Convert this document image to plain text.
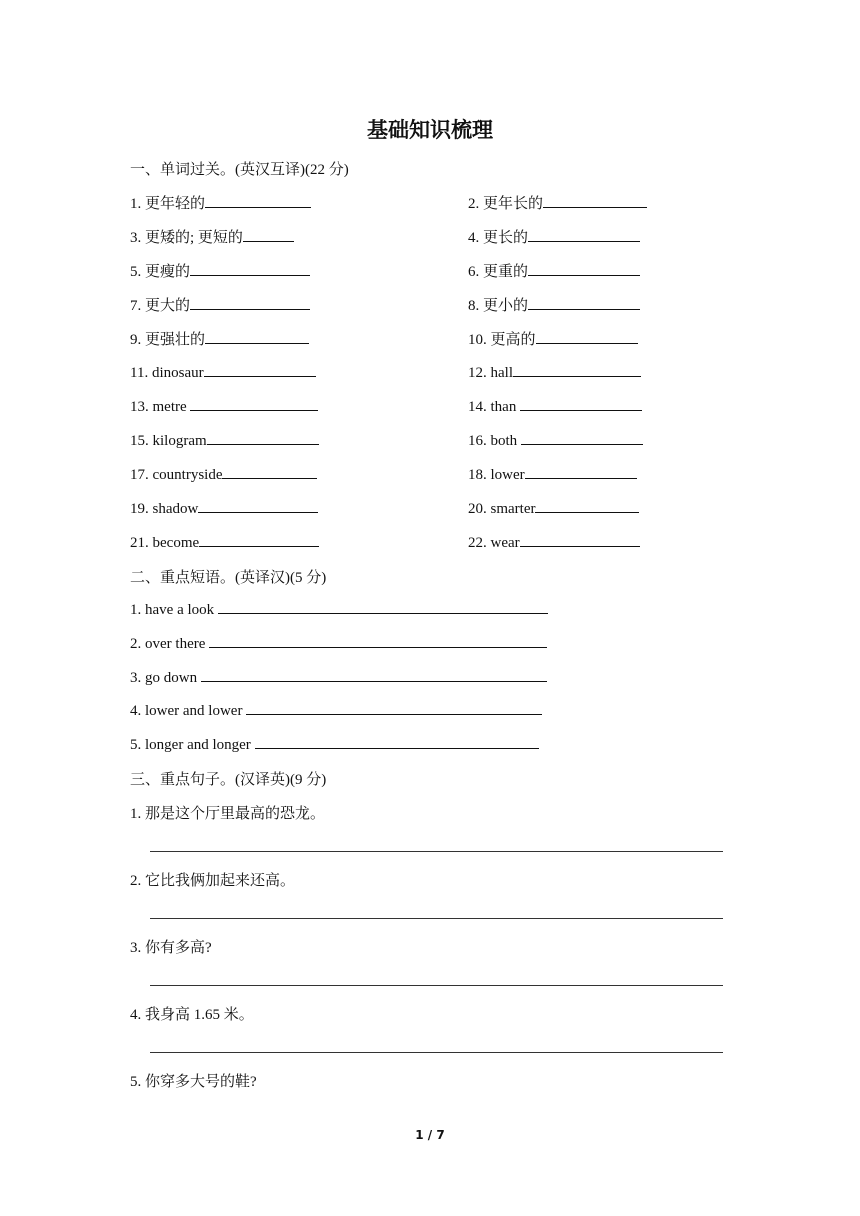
基础知识梳理
一、单词过关。(英汉互译)(22 分)
1. 更年轻的	2. 更年长的
3. 更矮的; 更短的	4. 更长的
5. 更瘦的	6. 更重的
7. 更大的	8. 更小的
9. 更强壮的	10. 更高的
11. dinosaur	12. hall
13. metre	14. than
15. kilogram	16. both
17. countryside	18. lower
19. shadow	20. smarter
21. become	22. wear
二、重点短语。(英译汉)(5 分)
1. have a look
2. over there
3. go down
4. lower and lower
5. longer and longer
三、重点句子。(汉译英)(9 分)
1. 那是这个厅里最高的恐龙。
2. 它比我俩加起来还高。
3. 你有多高?
4. 我身高 1.65 米。
5. 你穿多大号的鞋?
1 / 7
